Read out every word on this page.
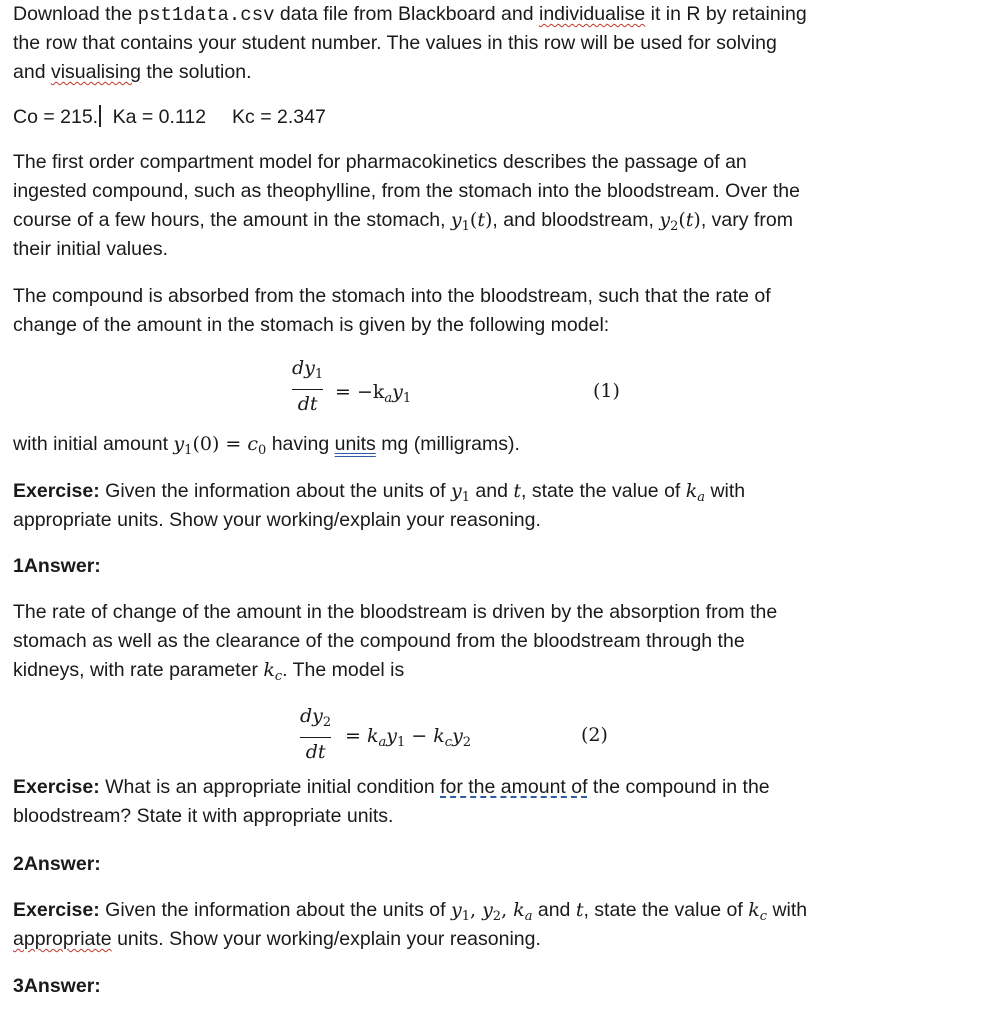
Download the pst1data.csv data file from Blackboard and individualise it in R by retaining
the row that contains your student number. The values in this row will be used for solving
and visualising the solution.
Co = 215. Ka = 0.112 Kc = 2.347
The first order compartment model for pharmacokinetics describes the passage of an
ingested compound, such as theophylline, from the stomach into the bloodstream. Over the
course of a few hours, the amount in the stomach, $y_1(t)$, and bloodstream, $y_2(t)$, vary from
their initial values.
The compound is absorbed from the stomach into the bloodstream, such that the rate of
change of the amount in the stomach is given by the following model:
$dy_1$
dt
= $-k_ay_1$	(1)
with initial amount $y_1(0) = c_0$ having units mg (milligrams).
Exercise: Given the information about the units of $y_1$ and t, state the value of $k_a$ with
appropriate units. Show your working/explain your reasoning.
1Answer:
The rate of change of the amount in the bloodstream is driven by the absorption from the
stomach as well as the clearance of the compound from the bloodstream through the
kidneys, with rate parameter $k_c$. The model is
$dy_2$
dt
= $k_ay_1 - k_cy_2$	(2)
Exercise: What is an appropriate initial condition for the amount of the compound in the
bloodstream? State it with appropriate units.
2Answer:
Exercise: Given the information about the units of $y_1$, $y_2$, $k_a$ and t, state the value of $k_c$ with
appropriate units. Show your working/explain your reasoning.
3Answer:
